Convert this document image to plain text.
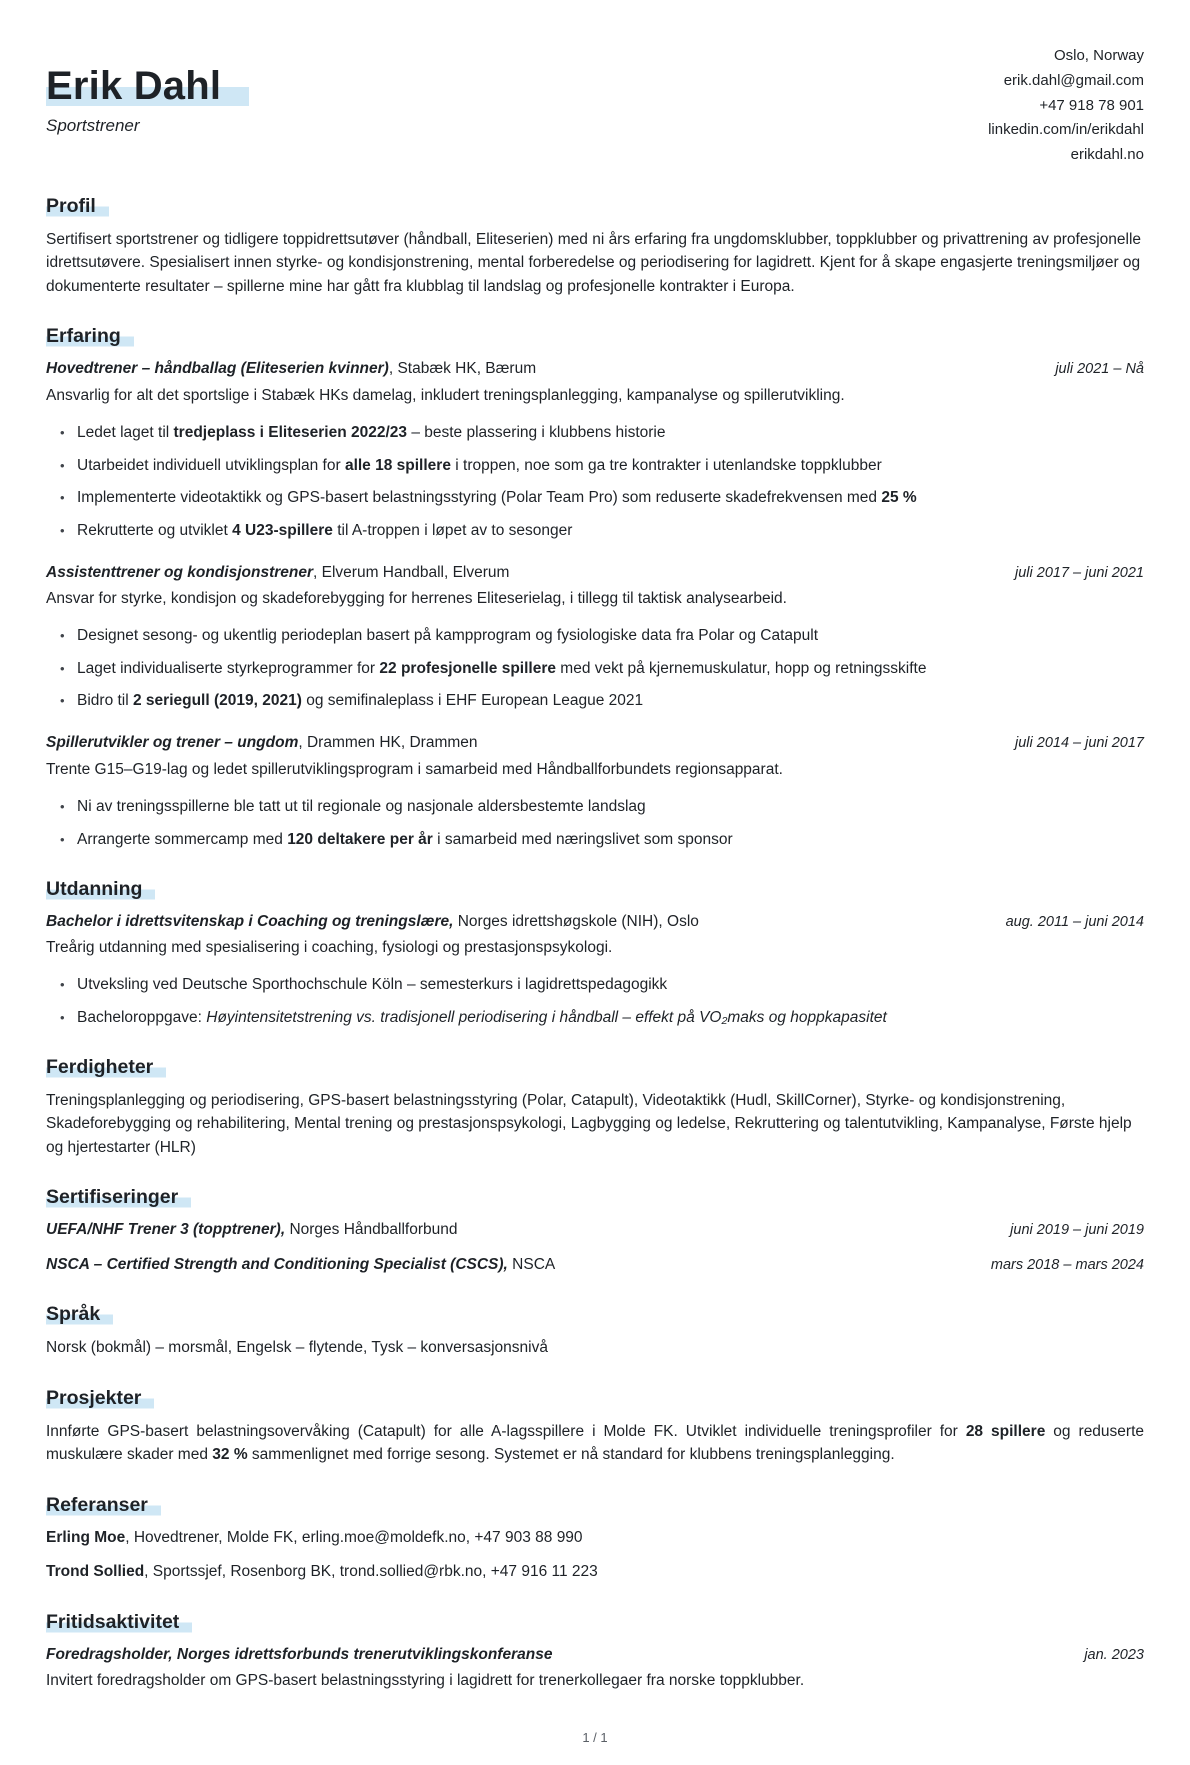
Erik Dahl
Sportstrener
Oslo, Norway
erik.dahl@gmail.com
+47 918 78 901
linkedin.com/in/erikdahl
erikdahl.no
Profil

Sertifisert sportstrener og tidligere toppidrettsutøver (håndball, Eliteserien) med ni års erfaring fra ungdomsklubber, toppklubber og privattrening av profesjonelle idrettsutøvere. Spesialisert innen styrke- og kondisjonstrening, mental forberedelse og periodisering for lagidrett. Kjent for å skape engasjerte treningsmiljøer og dokumenterte resultater – spillerne mine har gått fra klubblag til landslag og profesjonelle kontrakter i Europa.

Erfaring
Hovedtrener – håndballag (Eliteserien kvinner), Stabæk HK, Bærum	juli 2021 – Nå

Ansvarlig for alt det sportslige i Stabæk HKs damelag, inkludert treningsplanlegging, kampanalyse og spillerutvikling.

• Ledet laget til tredjeplass i Eliteserien 2022/23 – beste plassering i klubbens historie
• Utarbeidet individuell utviklingsplan for alle 18 spillere i troppen, noe som ga tre kontrakter i utenlandske toppklubber
• Implementerte videotaktikk og GPS-basert belastningsstyring (Polar Team Pro) som reduserte skadefrekvensen med 25 %
• Rekrutterte og utviklet 4 U23-spillere til A-troppen i løpet av to sesonger
Assistenttrener og kondisjonstrener, Elverum Handball, Elverum	juli 2017 – juni 2021

Ansvar for styrke, kondisjon og skadeforebygging for herrenes Eliteserielag, i tillegg til taktisk analysearbeid.

• Designet sesong- og ukentlig periodeplan basert på kampprogram og fysiologiske data fra Polar og Catapult
• Laget individualiserte styrkeprogrammer for 22 profesjonelle spillere med vekt på kjernemuskulatur, hopp og retningsskifte
• Bidro til 2 seriegull (2019, 2021) og semifinaleplass i EHF European League 2021
Spillerutvikler og trener – ungdom, Drammen HK, Drammen	juli 2014 – juni 2017

Trente G15–G19-lag og ledet spillerutviklingsprogram i samarbeid med Håndballforbundets regionsapparat.

• Ni av treningsspillerne ble tatt ut til regionale og nasjonale aldersbestemte landslag
• Arrangerte sommercamp med 120 deltakere per år i samarbeid med næringslivet som sponsor
Utdanning
Bachelor i idrettsvitenskap i Coaching og treningslære, Norges idrettshøgskole (NIH), Oslo	aug. 2011 – juni 2014

Treårig utdanning med spesialisering i coaching, fysiologi og prestasjonspsykologi.

• Utveksling ved Deutsche Sporthochschule Köln – semesterkurs i lagidrettspedagogikk
• Bacheloroppgave: Høyintensitetstrening vs. tradisjonell periodisering i håndball – effekt på VO₂maks og hoppkapasitet
Ferdigheter

Treningsplanlegging og periodisering, GPS-basert belastningsstyring (Polar, Catapult), Videotaktikk (Hudl, SkillCorner), Styrke- og kondisjonstrening, Skadeforebygging og rehabilitering, Mental trening og prestasjonspsykologi, Lagbygging og ledelse, Rekruttering og talentutvikling, Kampanalyse, Første hjelp og hjertestarter (HLR)

Sertifiseringer
UEFA/NHF Trener 3 (topptrener), Norges Håndballforbund	juni 2019 – juni 2019
NSCA – Certified Strength and Conditioning Specialist (CSCS), NSCA	mars 2018 – mars 2024
Språk

Norsk (bokmål) – morsmål, Engelsk – flytende, Tysk – konversasjonsnivå

Prosjekter

Innførte GPS-basert belastningsovervåking (Catapult) for alle A-lagsspillere i Molde FK. Utviklet individuelle treningsprofiler for 28 spillere og reduserte muskulære skader med 32 % sammenlignet med forrige sesong. Systemet er nå standard for klubbens treningsplanlegging.

Referanser
Erling Moe, Hovedtrener, Molde FK, erling.moe@moldefk.no, +47 903 88 990
Trond Sollied, Sportssjef, Rosenborg BK, trond.sollied@rbk.no, +47 916 11 223
Fritidsaktivitet
Foredragsholder, Norges idrettsforbunds trenerutviklingskonferanse	jan. 2023

Invitert foredragsholder om GPS-basert belastningsstyring i lagidrett for trenerkollegaer fra norske toppklubber.

1 / 1
